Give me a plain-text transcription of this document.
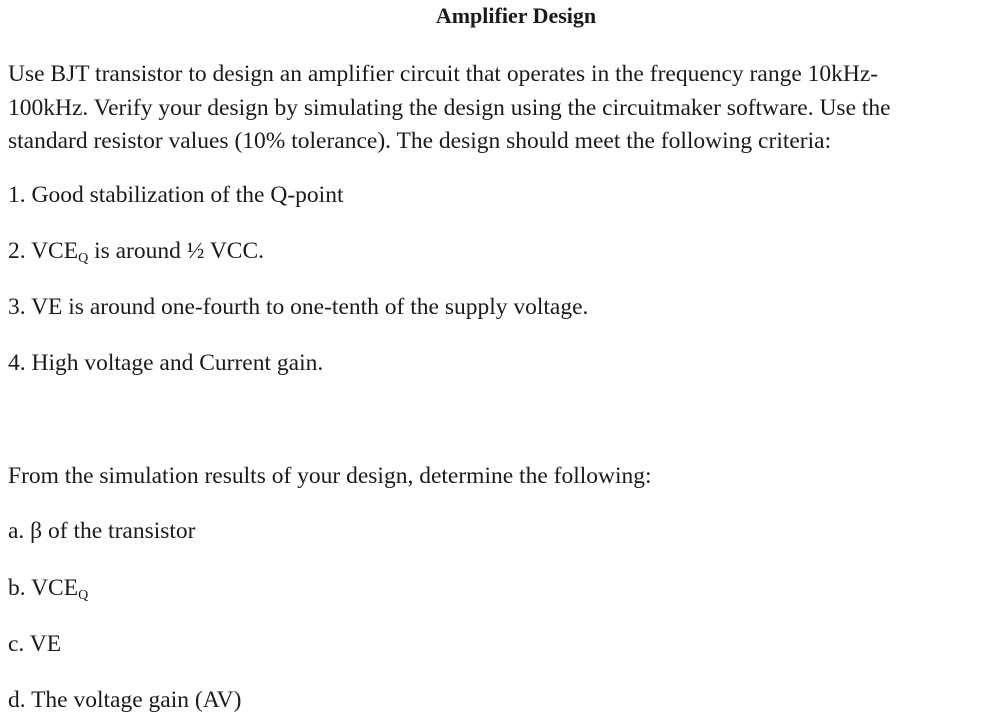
Amplifier Design
Use BJT transistor to design an amplifier circuit that operates in the frequency range 10kHz-
100kHz. Verify your design by simulating the design using the circuitmaker software. Use the
standard resistor values (10% tolerance). The design should meet the following criteria:
1. Good stabilization of the Q-point
2. $VCE_Q$ is around ½ VCC.
3. VE is around one-fourth to one-tenth of the supply voltage.
4. High voltage and Current gain.
From the simulation results of your design, determine the following:
a. β of the transistor
b. $VCE_Q$
c. VE
d. The voltage gain (AV)
